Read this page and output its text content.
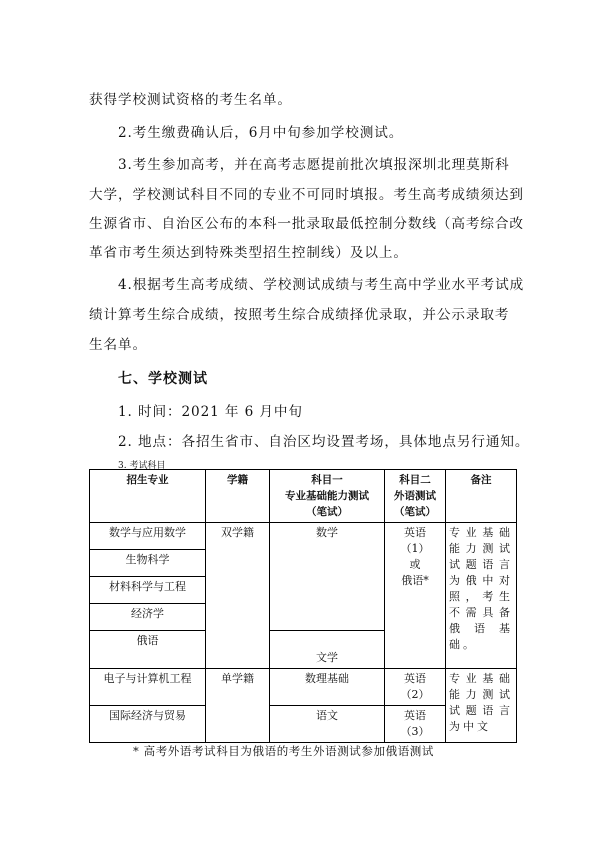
获得学校测试资格的考生名单。
2.考生缴费确认后，6月中旬参加学校测试。
3.考生参加高考，并在高考志愿提前批次填报深圳北理莫斯科
大学，学校测试科目不同的专业不可同时填报。考生高考成绩须达到
生源省市、自治区公布的本科一批录取最低控制分数线（高考综合改
革省市考生须达到特殊类型招生控制线）及以上。
4.根据考生高考成绩、学校测试成绩与考生高中学业水平考试成
绩计算考生综合成绩，按照考生综合成绩择优录取，并公示录取考
生名单。
七、学校测试
1. 时间：2021 年 6 月中旬
2. 地点：各招生省市、自治区均设置考场，具体地点另行通知。
3. 考试科目
招生专业	学籍	科目一
专业基础能力测试
（笔试）	科目二
外语测试
（笔试）	备注
数学与应用数学	双学籍	数学	英语
（1）
或
俄语*	专业基础能力测试试题语言为俄中对照，考生不需具备俄语基础。
生物科学				
材料科学与工程				
经济学				
俄语		文学		
电子与计算机工程	单学籍	数理基础	英语
（2）	专业基础能力测试试题语言为中文
国际经济与贸易		语文	英语
（3）	
* 高考外语考试科目为俄语的考生外语测试参加俄语测试
